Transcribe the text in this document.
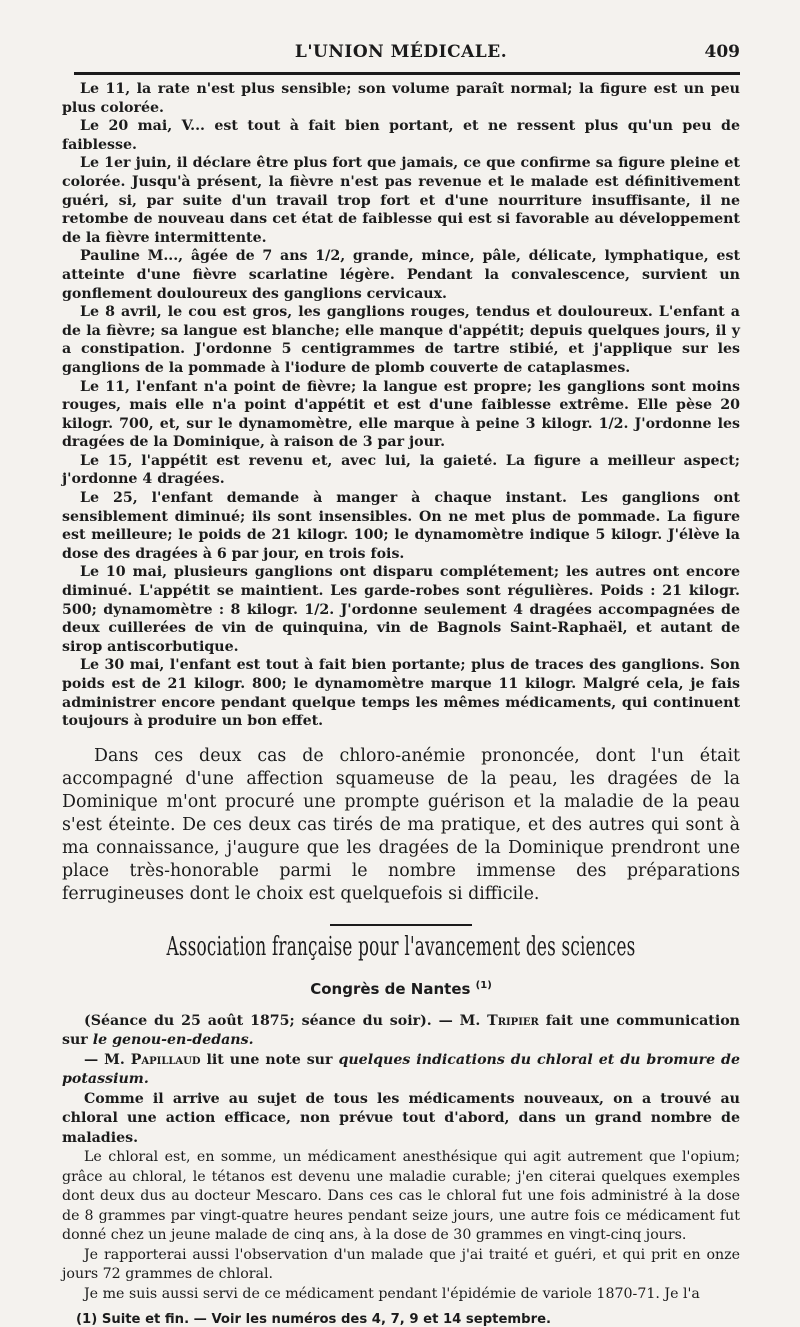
L'UNION MÉDICALE.	409

Le 11, la rate n'est plus sensible; son volume paraît normal; la figure est un peu plus colorée.

Le 20 mai, V... est tout à fait bien portant, et ne ressent plus qu'un peu de faiblesse.

Le 1er juin, il déclare être plus fort que jamais, ce que confirme sa figure pleine et colorée. Jusqu'à présent, la fièvre n'est pas revenue et le malade est définitivement guéri, si, par suite d'un travail trop fort et d'une nourriture insuffisante, il ne retombe de nouveau dans cet état de faiblesse qui est si favorable au développement de la fièvre intermittente.

Pauline M..., âgée de 7 ans 1/2, grande, mince, pâle, délicate, lymphatique, est atteinte d'une fièvre scarlatine légère. Pendant la convalescence, survient un gonflement douloureux des ganglions cervicaux.

Le 8 avril, le cou est gros, les ganglions rouges, tendus et douloureux. L'enfant a de la fièvre; sa langue est blanche; elle manque d'appétit; depuis quelques jours, il y a constipation. J'ordonne 5 centigrammes de tartre stibié, et j'applique sur les ganglions de la pommade à l'iodure de plomb couverte de cataplasmes.

Le 11, l'enfant n'a point de fièvre; la langue est propre; les ganglions sont moins rouges, mais elle n'a point d'appétit et est d'une faiblesse extrême. Elle pèse 20 kilogr. 700, et, sur le dynamomètre, elle marque à peine 3 kilogr. 1/2. J'ordonne les dragées de la Dominique, à raison de 3 par jour.

Le 15, l'appétit est revenu et, avec lui, la gaieté. La figure a meilleur aspect; j'ordonne 4 dragées.

Le 25, l'enfant demande à manger à chaque instant. Les ganglions ont sensiblement diminué; ils sont insensibles. On ne met plus de pommade. La figure est meilleure; le poids de 21 kilogr. 100; le dynamomètre indique 5 kilogr. J'élève la dose des dragées à 6 par jour, en trois fois.

Le 10 mai, plusieurs ganglions ont disparu complétement; les autres ont encore diminué. L'appétit se maintient. Les garde-robes sont régulières. Poids : 21 kilogr. 500; dynamomètre : 8 kilogr. 1/2. J'ordonne seulement 4 dragées accompagnées de deux cuillerées de vin de quinquina, vin de Bagnols Saint-Raphaël, et autant de sirop antiscorbutique.

Le 30 mai, l'enfant est tout à fait bien portante; plus de traces des ganglions. Son poids est de 21 kilogr. 800; le dynamomètre marque 11 kilogr. Malgré cela, je fais administrer encore pendant quelque temps les mêmes médicaments, qui continuent toujours à produire un bon effet.

Dans ces deux cas de chloro-anémie prononcée, dont l'un était accompagné d'une affection squameuse de la peau, les dragées de la Dominique m'ont procuré une prompte guérison et la maladie de la peau s'est éteinte. De ces deux cas tirés de ma pratique, et des autres qui sont à ma connaissance, j'augure que les dragées de la Dominique prendront une place très-honorable parmi le nombre immense des préparations ferrugineuses dont le choix est quelquefois si difficile.

Association française pour l'avancement des sciences
Congrès de Nantes $^{(1)}$

(Séance du 25 août 1875; séance du soir). — M. Tripier fait une communication sur le genou-en-dedans.

— M. Papillaud lit une note sur quelques indications du chloral et du bromure de potassium.

Comme il arrive au sujet de tous les médicaments nouveaux, on a trouvé au chloral une action efficace, non prévue tout d'abord, dans un grand nombre de maladies.

Le chloral est, en somme, un médicament anesthésique qui agit autrement que l'opium; grâce au chloral, le tétanos est devenu une maladie curable; j'en citerai quelques exemples dont deux dus au docteur Mescaro. Dans ces cas le chloral fut une fois administré à la dose de 8 grammes par vingt-quatre heures pendant seize jours, une autre fois ce médicament fut donné chez un jeune malade de cinq ans, à la dose de 30 grammes en vingt-cinq jours.

Je rapporterai aussi l'observation d'un malade que j'ai traité et guéri, et qui prit en onze jours 72 grammes de chloral.

Je me suis aussi servi de ce médicament pendant l'épidémie de variole 1870-71. Je l'a

(1) Suite et fin. — Voir les numéros des 4, 7, 9 et 14 septembre.
